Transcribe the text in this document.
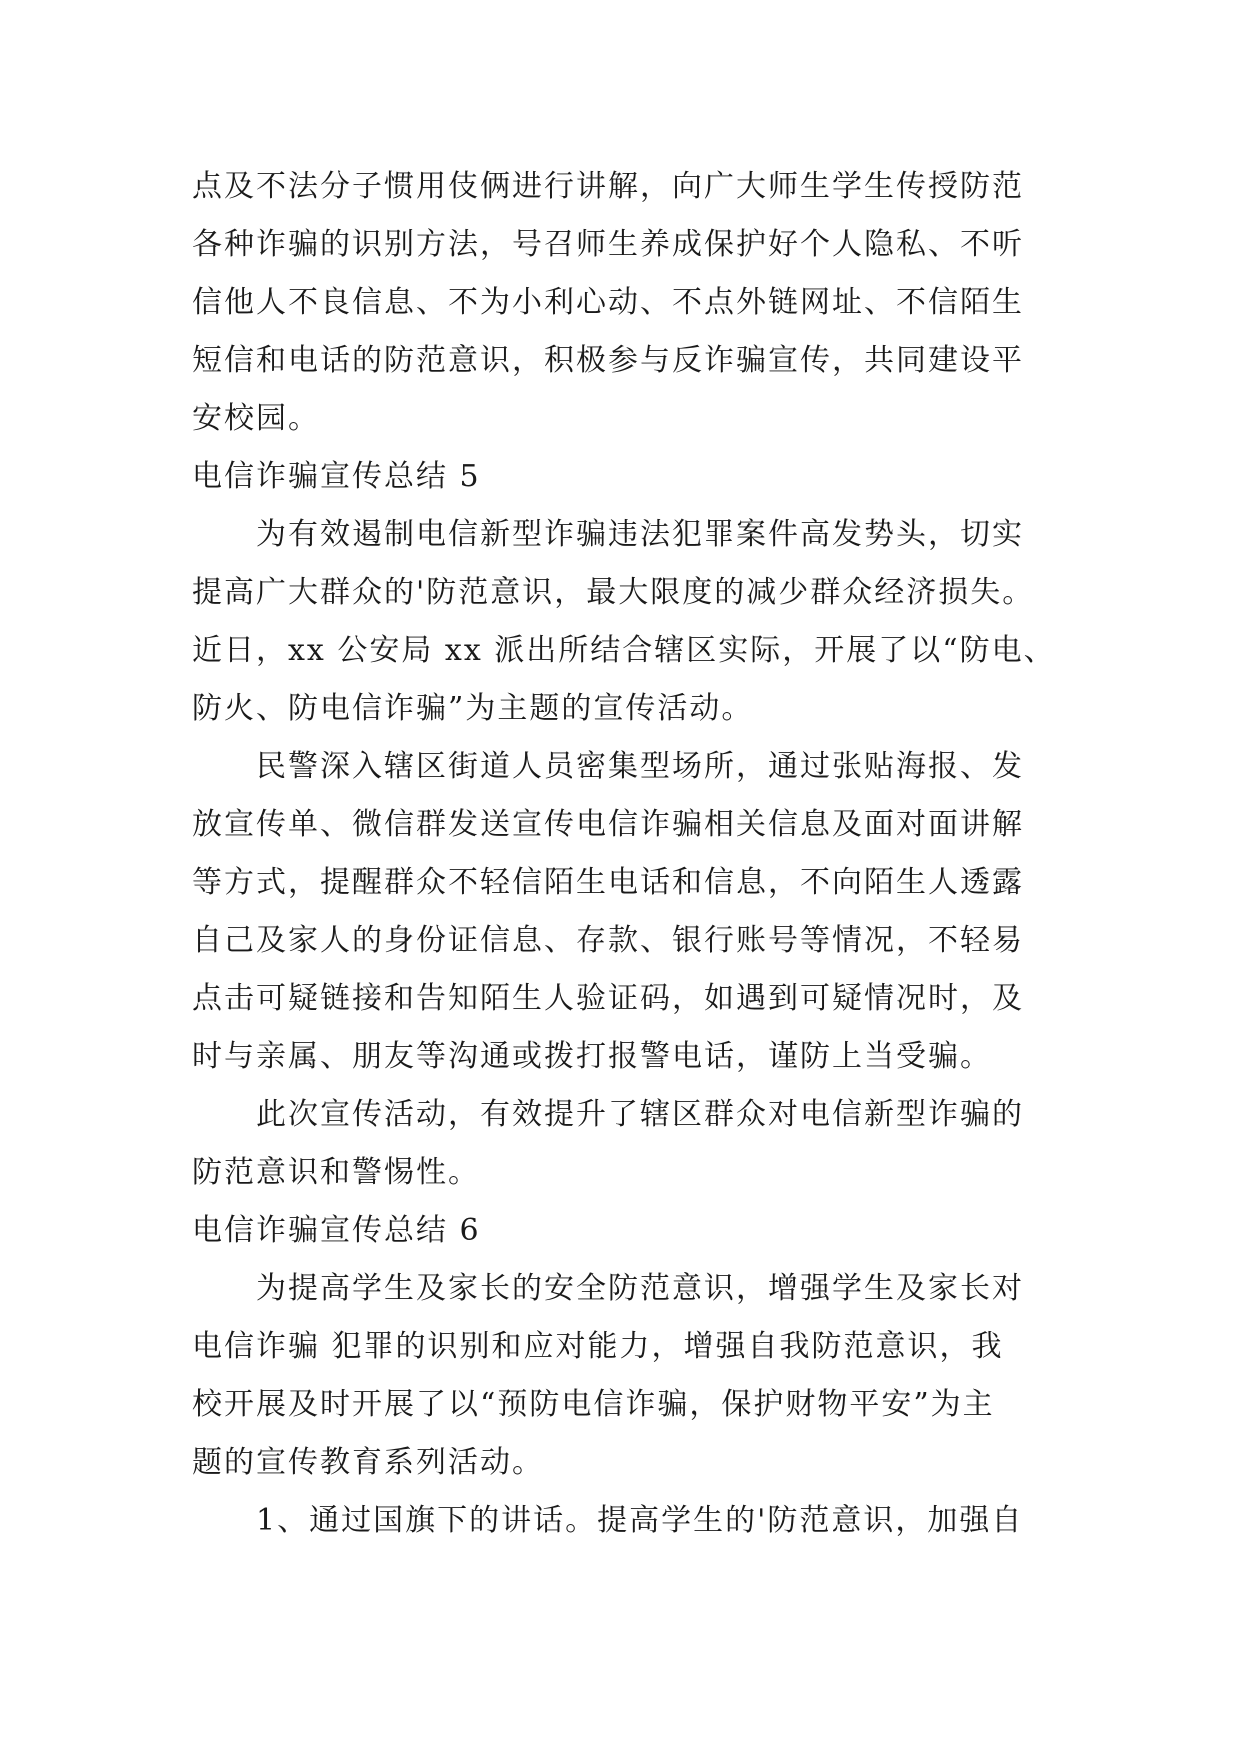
点及不法分子惯用伎俩进行讲解，向广大师生学生传授防范
各种诈骗的识别方法，号召师生养成保护好个人隐私、不听
信他人不良信息、不为小利心动、不点外链网址、不信陌生
短信和电话的防范意识，积极参与反诈骗宣传，共同建设平
安校园。
电信诈骗宣传总结 5
为有效遏制电信新型诈骗违法犯罪案件高发势头，切实
提高广大群众的'防范意识，最大限度的减少群众经济损失。
近日，xx 公安局 xx 派出所结合辖区实际，开展了以“防电、
防火、防电信诈骗”为主题的宣传活动。
民警深入辖区街道人员密集型场所，通过张贴海报、发
放宣传单、微信群发送宣传电信诈骗相关信息及面对面讲解
等方式，提醒群众不轻信陌生电话和信息，不向陌生人透露
自己及家人的身份证信息、存款、银行账号等情况，不轻易
点击可疑链接和告知陌生人验证码，如遇到可疑情况时，及
时与亲属、朋友等沟通或拨打报警电话，谨防上当受骗。
此次宣传活动，有效提升了辖区群众对电信新型诈骗的
防范意识和警惕性。
电信诈骗宣传总结 6
为提高学生及家长的安全防范意识，增强学生及家长对
电信诈骗 犯罪的识别和应对能力，增强自我防范意识，我
校开展及时开展了以“预防电信诈骗，保护财物平安”为主
题的宣传教育系列活动。
1、通过国旗下的讲话。提高学生的'防范意识，加强自
